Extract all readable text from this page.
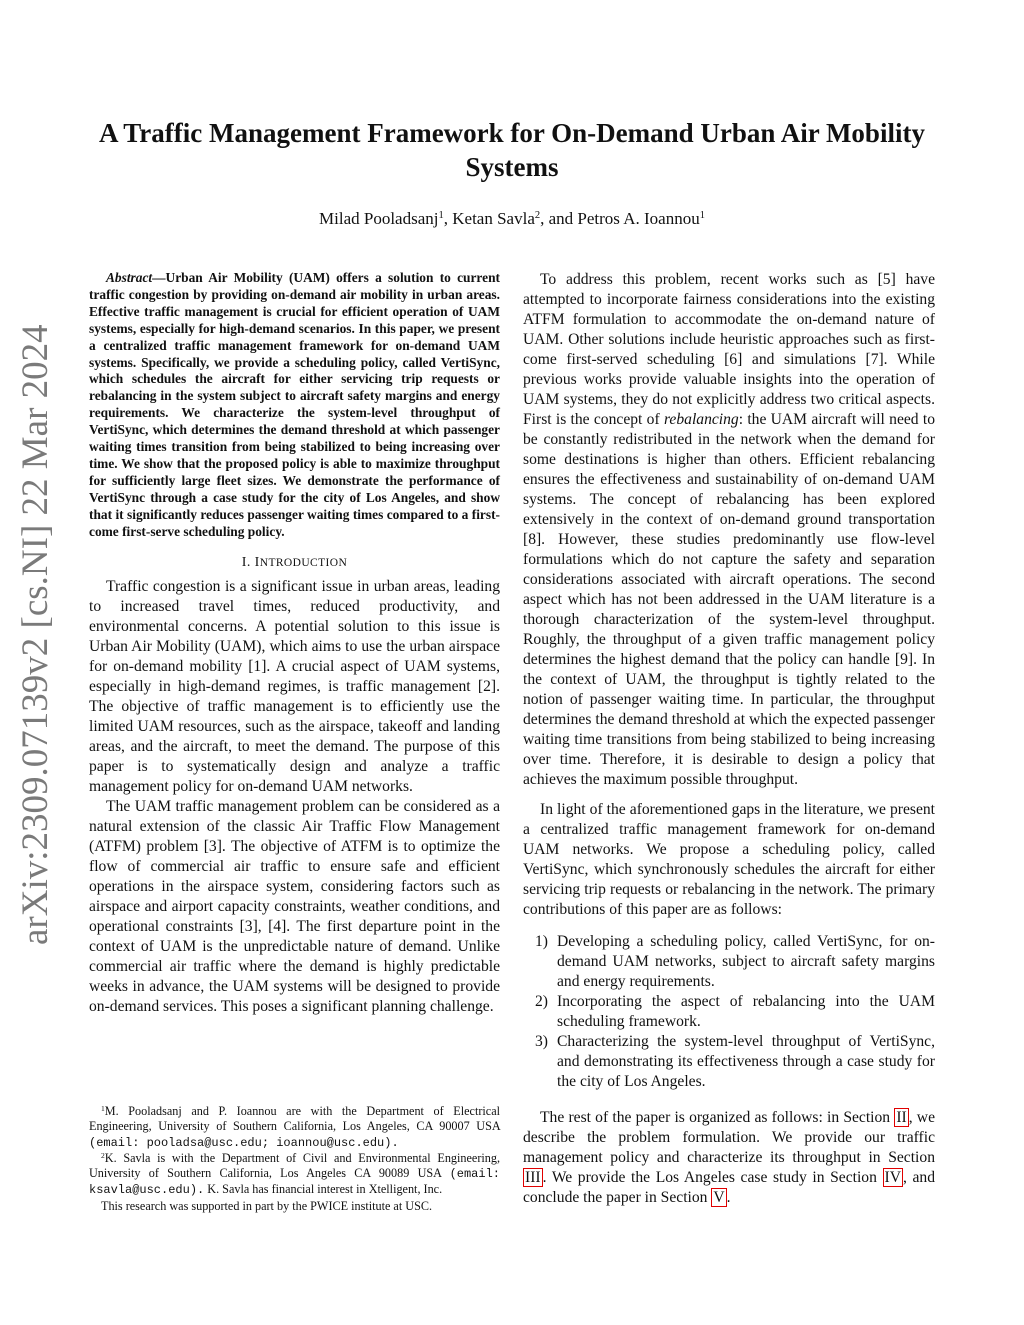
arXiv:2309.07139v2 [cs.NI] 22 Mar 2024
A Traffic Management Framework for On-Demand Urban Air Mobility Systems
Milad Pooladsanj$^1$, Ketan Savla$^2$, and Petros A. Ioannou$^1$

Abstract—Urban Air Mobility (UAM) offers a solution to current traffic congestion by providing on-demand air mobility in urban areas. Effective traffic management is crucial for efficient operation of UAM systems, especially for high-demand scenarios. In this paper, we present a centralized traffic management framework for on-demand UAM systems. Specifically, we provide a scheduling policy, called VertiSync, which schedules the aircraft for either servicing trip requests or rebalancing in the system subject to aircraft safety margins and energy requirements. We characterize the system-level throughput of VertiSync, which determines the demand threshold at which passenger waiting times transition from being stabilized to being increasing over time. We show that the proposed policy is able to maximize throughput for sufficiently large fleet sizes. We demonstrate the performance of VertiSync through a case study for the city of Los Angeles, and show that it significantly reduces passenger waiting times compared to a first-come first-serve scheduling policy.

I. INTRODUCTION

Traffic congestion is a significant issue in urban areas, leading to increased travel times, reduced productivity, and environmental concerns. A potential solution to this issue is Urban Air Mobility (UAM), which aims to use the urban airspace for on-demand mobility [1]. A crucial aspect of UAM systems, especially in high-demand regimes, is traffic management [2]. The objective of traffic management is to efficiently use the limited UAM resources, such as the airspace, takeoff and landing areas, and the aircraft, to meet the demand. The purpose of this paper is to systematically design and analyze a traffic management policy for on-demand UAM networks.

The UAM traffic management problem can be considered as a natural extension of the classic Air Traffic Flow Management (ATFM) problem [3]. The objective of ATFM is to optimize the flow of commercial air traffic to ensure safe and efficient operations in the airspace system, considering factors such as airspace and airport capacity constraints, weather conditions, and operational constraints [3], [4]. The first departure point in the context of UAM is the unpredictable nature of demand. Unlike commercial air traffic where the demand is highly predictable weeks in advance, the UAM systems will be designed to provide on-demand services. This poses a significant planning challenge.

$^1$M. Pooladsanj and P. Ioannou are with the Department of Electrical Engineering, University of Southern California, Los Angeles, CA 90007 USA (email: pooladsa@usc.edu; ioannou@usc.edu).

$^2$K. Savla is with the Department of Civil and Environmental Engineering, University of Southern California, Los Angeles CA 90089 USA (email: ksavla@usc.edu). K. Savla has financial interest in Xtelligent, Inc.

This research was supported in part by the PWICE institute at USC.

To address this problem, recent works such as [5] have attempted to incorporate fairness considerations into the existing ATFM formulation to accommodate the on-demand nature of UAM. Other solutions include heuristic approaches such as first-come first-served scheduling [6] and simulations [7]. While previous works provide valuable insights into the operation of UAM systems, they do not explicitly address two critical aspects. First is the concept of rebalancing: the UAM aircraft will need to be constantly redistributed in the network when the demand for some destinations is higher than others. Efficient rebalancing ensures the effectiveness and sustainability of on-demand UAM systems. The concept of rebalancing has been explored extensively in the context of on-demand ground transportation [8]. However, these studies predominantly use flow-level formulations which do not capture the safety and separation considerations associated with aircraft operations. The second aspect which has not been addressed in the UAM literature is a thorough characterization of the system-level throughput. Roughly, the throughput of a given traffic management policy determines the highest demand that the policy can handle [9]. In the context of UAM, the throughput is tightly related to the notion of passenger waiting time. In particular, the throughput determines the demand threshold at which the expected passenger waiting time transitions from being stabilized to being increasing over time. Therefore, it is desirable to design a policy that achieves the maximum possible throughput.

In light of the aforementioned gaps in the literature, we present a centralized traffic management framework for on-demand UAM networks. We propose a scheduling policy, called VertiSync, which synchronously schedules the aircraft for either servicing trip requests or rebalancing in the network. The primary contributions of this paper are as follows:

1) Developing a scheduling policy, called VertiSync, for on-demand UAM networks, subject to aircraft safety margins and energy requirements.
2) Incorporating the aspect of rebalancing into the UAM scheduling framework.
3) Characterizing the system-level throughput of VertiSync, and demonstrating its effectiveness through a case study for the city of Los Angeles.

The rest of the paper is organized as follows: in Section II , we describe the problem formulation. We provide our traffic management policy and characterize its throughput in Section III . We provide the Los Angeles case study in Section IV , and conclude the paper in Section V .
